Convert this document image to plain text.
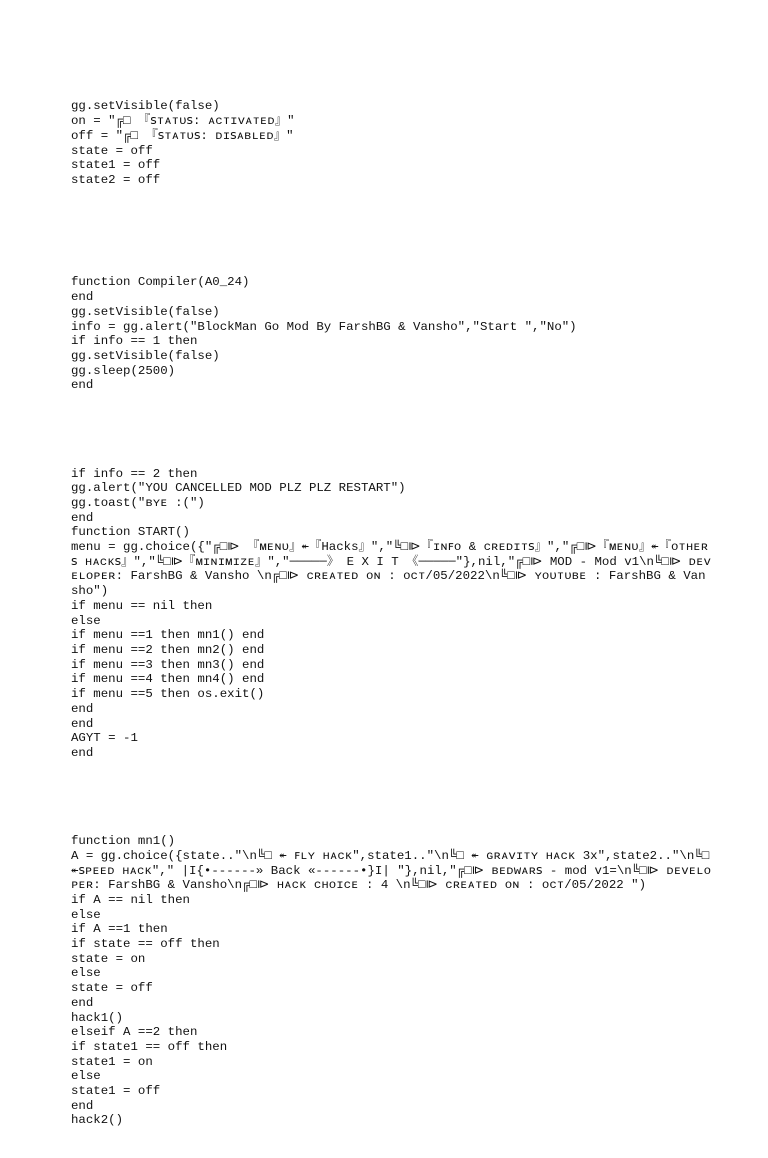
gg.setVisible(false)
on = "╔□ 『ꜱᴛᴀᴛᴜꜱ: ᴀᴄᴛɪᴠᴀᴛᴇᴅ』"
off = "╔□ 『ꜱᴛᴀᴛᴜꜱ: ᴅɪꜱᴀʙʟᴇᴅ』"
state = off
state1 = off
state2 = off

function Compiler(A0_24)
end
gg.setVisible(false)
info = gg.alert("BlockMan Go Mod By FarshBG & Vansho","Start ","No")
if info == 1 then
gg.setVisible(false)
gg.sleep(2500)
end

if info == 2 then
gg.alert("YOU CANCELLED MOD PLZ PLZ RESTART")
gg.toast("ʙʏᴇ :(")
end
function START()
menu = gg.choice({"╔□⧐ 『ᴍᴇɴᴜ』↞『Hacks』","╚□⧐『ɪɴꜰᴏ & ᴄʀᴇᴅɪᴛꜱ』","╔□⧐『ᴍᴇɴᴜ』↞『ᴏᴛʜᴇʀꜱ ʜᴀᴄᴋꜱ』","╚□⧐『ᴍɪɴɪᴍɪᴢᴇ』","─────》 E X I T 《─────"},nil,"╔□⧐ MOD - Mod v1\n╚□⧐ ᴅᴇᴠᴇʟᴏᴘᴇʀ: FarshBG & Vansho \n╔□⧐ ᴄʀᴇᴀᴛᴇᴅ ᴏɴ : ᴏᴄᴛ/05/2022\n╚□⧐ ʏᴏᴜᴛᴜʙᴇ : FarshBG & Vansho")
if menu == nil then
else
if menu ==1 then mn1() end
if menu ==2 then mn2() end
if menu ==3 then mn3() end
if menu ==4 then mn4() end
if menu ==5 then os.exit()
end
end
AGYT = -1
end

function mn1()
A = gg.choice({state.."\n╚□ ↞ ꜰʟʏ ʜᴀᴄᴋ",state1.."\n╚□ ↞ ɢʀᴀᴠɪᴛʏ ʜᴀᴄᴋ 3x",state2.."\n╚□ ↞ꜱᴘᴇᴇᴅ ʜᴀᴄᴋ"," |I{•------» Back «------•}I| "},nil,"╔□⧐ ʙᴇᴅᴡᴀʀꜱ - mod v1=\n╚□⧐ ᴅᴇᴠᴇʟᴏᴘᴇʀ: FarshBG & Vansho\n╔□⧐ ʜᴀᴄᴋ ᴄʜᴏɪᴄᴇ : 4 \n╚□⧐ ᴄʀᴇᴀᴛᴇᴅ ᴏɴ : ᴏᴄᴛ/05/2022 ")
if A == nil then
else
if A ==1 then
if state == off then
state = on
else
state = off
end
hack1()
elseif A ==2 then
if state1 == off then
state1 = on
else
state1 = off
end
hack2()
